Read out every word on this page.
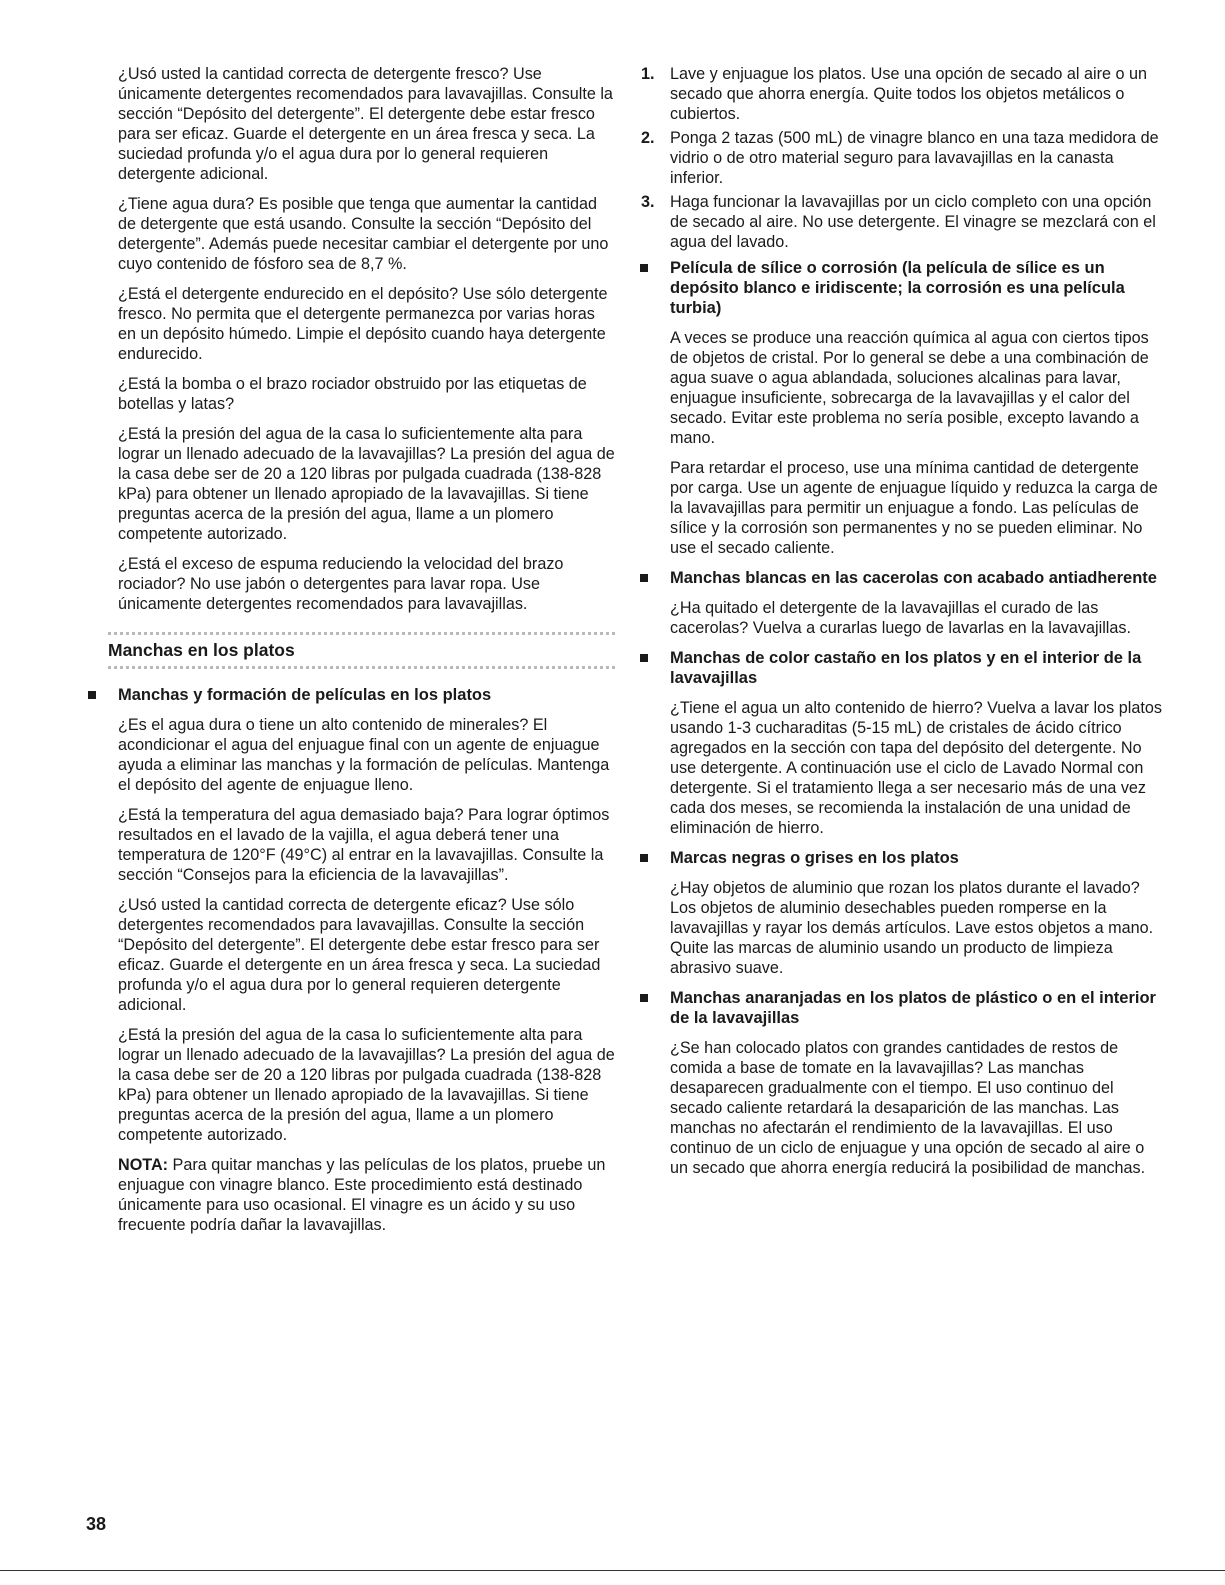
¿Usó usted la cantidad correcta de detergente fresco? Use únicamente detergentes recomendados para lavavajillas. Consulte la sección “Depósito del detergente”. El detergente debe estar fresco para ser eficaz. Guarde el detergente en un área fresca y seca. La suciedad profunda y/o el agua dura por lo general requieren detergente adicional.

¿Tiene agua dura? Es posible que tenga que aumentar la cantidad de detergente que está usando. Consulte la sección “Depósito del detergente”. Además puede necesitar cambiar el detergente por uno cuyo contenido de fósforo sea de 8,7 %.

¿Está el detergente endurecido en el depósito? Use sólo detergente fresco. No permita que el detergente permanezca por varias horas en un depósito húmedo. Limpie el depósito cuando haya detergente endurecido.

¿Está la bomba o el brazo rociador obstruido por las etiquetas de botellas y latas?

¿Está la presión del agua de la casa lo suficientemente alta para lograr un llenado adecuado de la lavavajillas? La presión del agua de la casa debe ser de 20 a 120 libras por pulgada cuadrada (138-828 kPa) para obtener un llenado apropiado de la lavavajillas. Si tiene preguntas acerca de la presión del agua, llame a un plomero competente autorizado.

¿Está el exceso de espuma reduciendo la velocidad del brazo rociador? No use jabón o detergentes para lavar ropa. Use únicamente detergentes recomendados para lavavajillas.

Manchas en los platos

Manchas y formación de películas en los platos

¿Es el agua dura o tiene un alto contenido de minerales? El acondicionar el agua del enjuague final con un agente de enjuague ayuda a eliminar las manchas y la formación de películas. Mantenga el depósito del agente de enjuague lleno.

¿Está la temperatura del agua demasiado baja? Para lograr óptimos resultados en el lavado de la vajilla, el agua deberá tener una temperatura de 120°F (49°C) al entrar en la lavavajillas. Consulte la sección “Consejos para la eficiencia de la lavavajillas”.

¿Usó usted la cantidad correcta de detergente eficaz? Use sólo detergentes recomendados para lavavajillas. Consulte la sección “Depósito del detergente”. El detergente debe estar fresco para ser eficaz. Guarde el detergente en un área fresca y seca. La suciedad profunda y/o el agua dura por lo general requieren detergente adicional.

¿Está la presión del agua de la casa lo suficientemente alta para lograr un llenado adecuado de la lavavajillas? La presión del agua de la casa debe ser de 20 a 120 libras por pulgada cuadrada (138-828 kPa) para obtener un llenado apropiado de la lavavajillas. Si tiene preguntas acerca de la presión del agua, llame a un plomero competente autorizado.

NOTA: Para quitar manchas y las películas de los platos, pruebe un enjuague con vinagre blanco. Este procedimiento está destinado únicamente para uso ocasional. El vinagre es un ácido y su uso frecuente podría dañar la lavavajillas.

1. Lave y enjuague los platos. Use una opción de secado al aire o un secado que ahorra energía. Quite todos los objetos metálicos o cubiertos.

2. Ponga 2 tazas (500 mL) de vinagre blanco en una taza medidora de vidrio o de otro material seguro para lavavajillas en la canasta inferior.

3. Haga funcionar la lavavajillas por un ciclo completo con una opción de secado al aire. No use detergente. El vinagre se mezclará con el agua del lavado.

Película de sílice o corrosión (la película de sílice es un depósito blanco e iridiscente; la corrosión es una película turbia)

A veces se produce una reacción química al agua con ciertos tipos de objetos de cristal. Por lo general se debe a una combinación de agua suave o agua ablandada, soluciones alcalinas para lavar, enjuague insuficiente, sobrecarga de la lavavajillas y el calor del secado. Evitar este problema no sería posible, excepto lavando a mano.

Para retardar el proceso, use una mínima cantidad de detergente por carga. Use un agente de enjuague líquido y reduzca la carga de la lavavajillas para permitir un enjuague a fondo. Las películas de sílice y la corrosión son permanentes y no se pueden eliminar. No use el secado caliente.

Manchas blancas en las cacerolas con acabado antiadherente

¿Ha quitado el detergente de la lavavajillas el curado de las cacerolas? Vuelva a curarlas luego de lavarlas en la lavavajillas.

Manchas de color castaño en los platos y en el interior de la lavavajillas

¿Tiene el agua un alto contenido de hierro? Vuelva a lavar los platos usando 1-3 cucharaditas (5-15 mL) de cristales de ácido cítrico agregados en la sección con tapa del depósito del detergente. No use detergente. A continuación use el ciclo de Lavado Normal con detergente. Si el tratamiento llega a ser necesario más de una vez cada dos meses, se recomienda la instalación de una unidad de eliminación de hierro.

Marcas negras o grises en los platos

¿Hay objetos de aluminio que rozan los platos durante el lavado? Los objetos de aluminio desechables pueden romperse en la lavavajillas y rayar los demás artículos. Lave estos objetos a mano. Quite las marcas de aluminio usando un producto de limpieza abrasivo suave.

Manchas anaranjadas en los platos de plástico o en el interior de la lavavajillas

¿Se han colocado platos con grandes cantidades de restos de comida a base de tomate en la lavavajillas? Las manchas desaparecen gradualmente con el tiempo. El uso continuo del secado caliente retardará la desaparición de las manchas. Las manchas no afectarán el rendimiento de la lavavajillas. El uso continuo de un ciclo de enjuague y una opción de secado al aire o un secado que ahorra energía reducirá la posibilidad de manchas.

38
